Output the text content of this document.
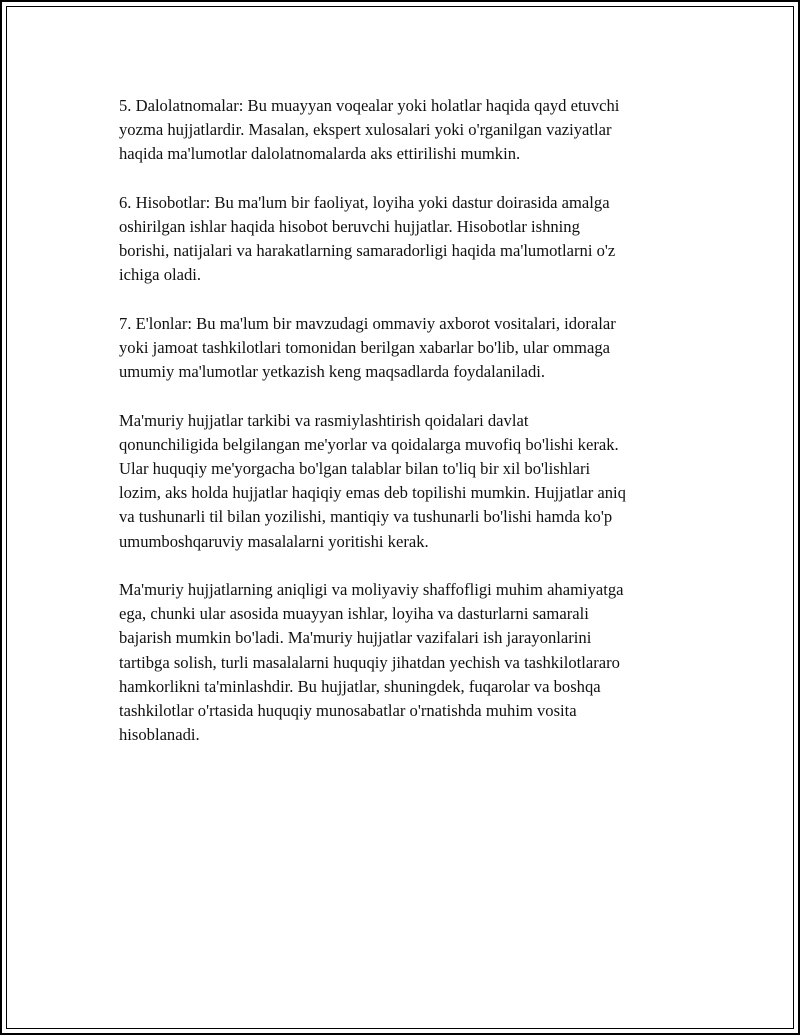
5. Dalolatnomalar: Bu muayyan voqealar yoki holatlar haqida qayd etuvchi
yozma hujjatlardir. Masalan, ekspert xulosalari yoki o'rganilgan vaziyatlar
haqida ma'lumotlar dalolatnomalarda aks ettirilishi mumkin.

6. Hisobotlar: Bu ma'lum bir faoliyat, loyiha yoki dastur doirasida amalga
oshirilgan ishlar haqida hisobot beruvchi hujjatlar. Hisobotlar ishning
borishi, natijalari va harakatlarning samaradorligi haqida ma'lumotlarni o'z
ichiga oladi.

7. E'lonlar: Bu ma'lum bir mavzudagi ommaviy axborot vositalari, idoralar
yoki jamoat tashkilotlari tomonidan berilgan xabarlar bo'lib, ular ommaga
umumiy ma'lumotlar yetkazish keng maqsadlarda foydalaniladi.

Ma'muriy hujjatlar tarkibi va rasmiylashtirish qoidalari davlat
qonunchiligida belgilangan me'yorlar va qoidalarga muvofiq bo'lishi kerak.
Ular huquqiy me'yorgacha bo'lgan talablar bilan to'liq bir xil bo'lishlari
lozim, aks holda hujjatlar haqiqiy emas deb topilishi mumkin. Hujjatlar aniq
va tushunarli til bilan yozilishi, mantiqiy va tushunarli bo'lishi hamda ko'p
umumboshqaruviy masalalarni yoritishi kerak.

Ma'muriy hujjatlarning aniqligi va moliyaviy shaffofligi muhim ahamiyatga
ega, chunki ular asosida muayyan ishlar, loyiha va dasturlarni samarali
bajarish mumkin bo'ladi. Ma'muriy hujjatlar vazifalari ish jarayonlarini
tartibga solish, turli masalalarni huquqiy jihatdan yechish va tashkilotlararo
hamkorlikni ta'minlashdir. Bu hujjatlar, shuningdek, fuqarolar va boshqa
tashkilotlar o'rtasida huquqiy munosabatlar o'rnatishda muhim vosita
hisoblanadi.
